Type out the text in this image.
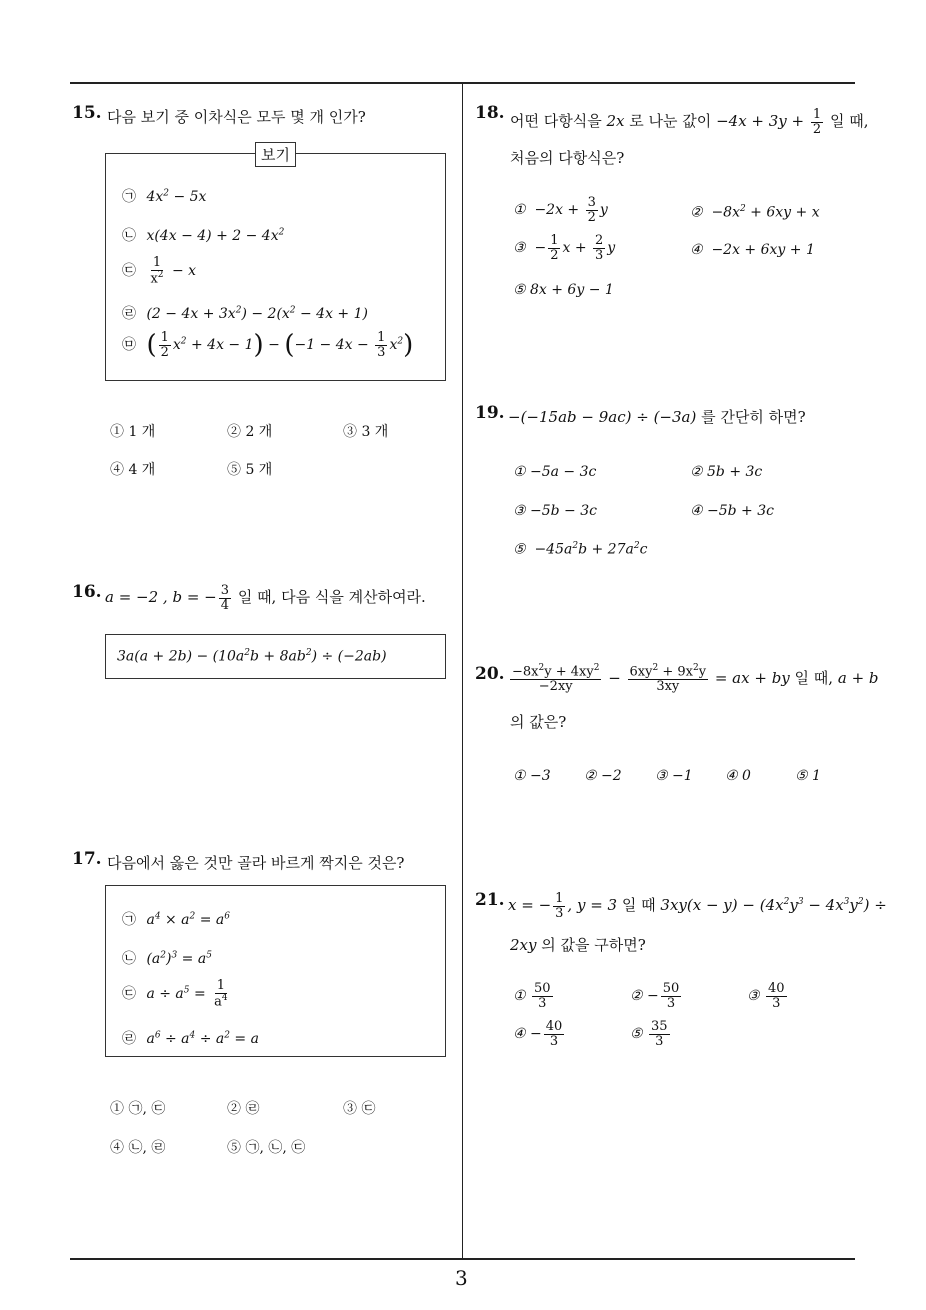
3
15. 다음 보기 중 이차식은 모두 몇 개 인가?
보기
㉠ $4x^2 - 5x$
㉡ $x(4x - 4) + 2 - 4x^2$
㉢ $\frac{1}{x^2} - x$
㉣ $(2 - 4x + 3x^2) - 2(x^2 - 4x + 1)$
㉤ ( $\frac{1}{2} x^2 + 4x - 1) - (-1 - 4x - \frac{1}{3} x^2)$
① 1 개	② 2 개	③ 3 개
④ 4 개	⑤ 5 개
16. a = −2 , b = − $\frac{3}{4}$ 일 때, 다음 식을 계산하여라.
$3a(a + 2b) - (10a^2b + 8ab^2) \div (-2ab)$
17. 다음에서 옳은 것만 골라 바르게 짝지은 것은?
㉠ $a^4 \times a^2 = a^6$
㉡ $(a^2)^3 = a^5$
㉢ $a \div a^5 = \frac{1}{a^4}$
㉣ $a^6 \div a^4 \div a^2 = a$
① ㉠, ㉢	② ㉣	③ ㉢
④ ㉡, ㉣	⑤ ㉠, ㉡, ㉢
18. 어떤 다항식을 2x 로 나눈 값이 $-4x + 3y + \frac{1}{2}$ 일 때,
처음의 다항식은?
①  $-2x + \frac{3}{2}$ y	②  $-8x^2 + 6xy + x$
③  − $\frac{1}{2}$ $x + \frac{2}{3}$ y	④  −2x + 6xy + 1
⑤ 8x + 6y − 1
19. −(−15ab − 9ac) ÷ (−3a) 를 간단히 하면?
① −5a − 3c	② 5b + 3c
③ −5b − 3c	④ −5b + 3c
⑤  $-45a^2b + 27a^2c$
20. $\frac{-8x^2y + 4xy^2}{-2xy} - \frac{6xy^2 + 9x^2y}{3xy}$ = ax + by 일 때, a + b
의 값은?
① −3 ② −2 ③ −1 ④ 0	⑤ 1
21. x = − $\frac{1}{3}$ , y = 3 일 때 $3xy(x - y) - (4x^2y^3 - 4x^3y^2)$ ÷
2xy 의 값을 구하면?
① $\frac{50}{3}$	② − $\frac{50}{3}$	③ $\frac{40}{3}$
④ − $\frac{40}{3}$	⑤ $\frac{35}{3}$
